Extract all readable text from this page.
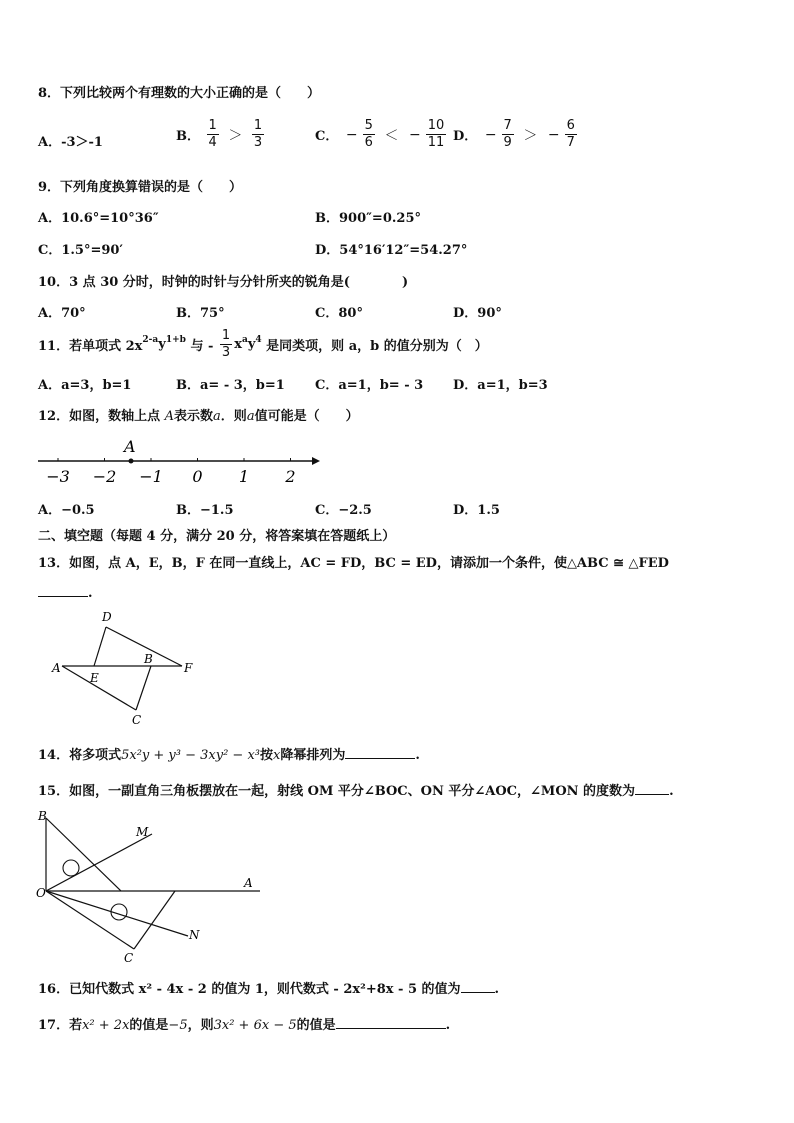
8．下列比较两个有理数的大小正确的是（　　）
A．-3＞-1	B． $\frac{1}{4} > \frac{1}{3}$	C． − $\frac{5}{6}$ ＜ − $\frac{10}{11}$ D． − $\frac{7}{9}$ ＞ − $\frac{6}{7}$
9．下列角度换算错误的是（　　）
A．10.6°=10°36″	B．900″=0.25°
C．1.5°=90′	D．54°16′12″=54.27°
10．3 点 30 分时，时钟的时针与分针所夹的锐角是(　　　　)
A．70°	B．75°	C．80°	D．90°
11．若单项式 $2x^{2-a}y^{1+b}$ 与 - $\frac{1}{3} x^ay^4$ 是同类项，则 a，b 的值分别为（　）
A．a=3，b=1	B．a= - 3，b=1 C．a=1，b= - 3 D．a=1，b=3
12．如图，数轴上点 A表示数a．则a值可能是（　　）
A
−3 −2 −1 0 1 2
A．−0.5	B．−1.5	C．−2.5	D．1.5
二、填空题（每题 4 分，满分 20 分，将答案填在答题纸上）
13．如图，点 A，E，B，F 在同一直线上，AC = FD，BC = ED，请添加一个条件，使△ABC ≅ △FED
.
D
A
E
B
F
C
14．将多项式5x²y + y³ − 3xy² − x³按x降幂排列为	.
15．如图，一副直角三角板摆放在一起，射线 OM 平分∠BOC、ON 平分∠AOC，∠MON 的度数为	.
B
M
O
A
N
C
16．已知代数式 x² - 4x - 2 的值为 1，则代数式 - 2x²+8x - 5 的值为	.
17．若x² + 2x的值是−5，则3x² + 6x − 5的值是	.
